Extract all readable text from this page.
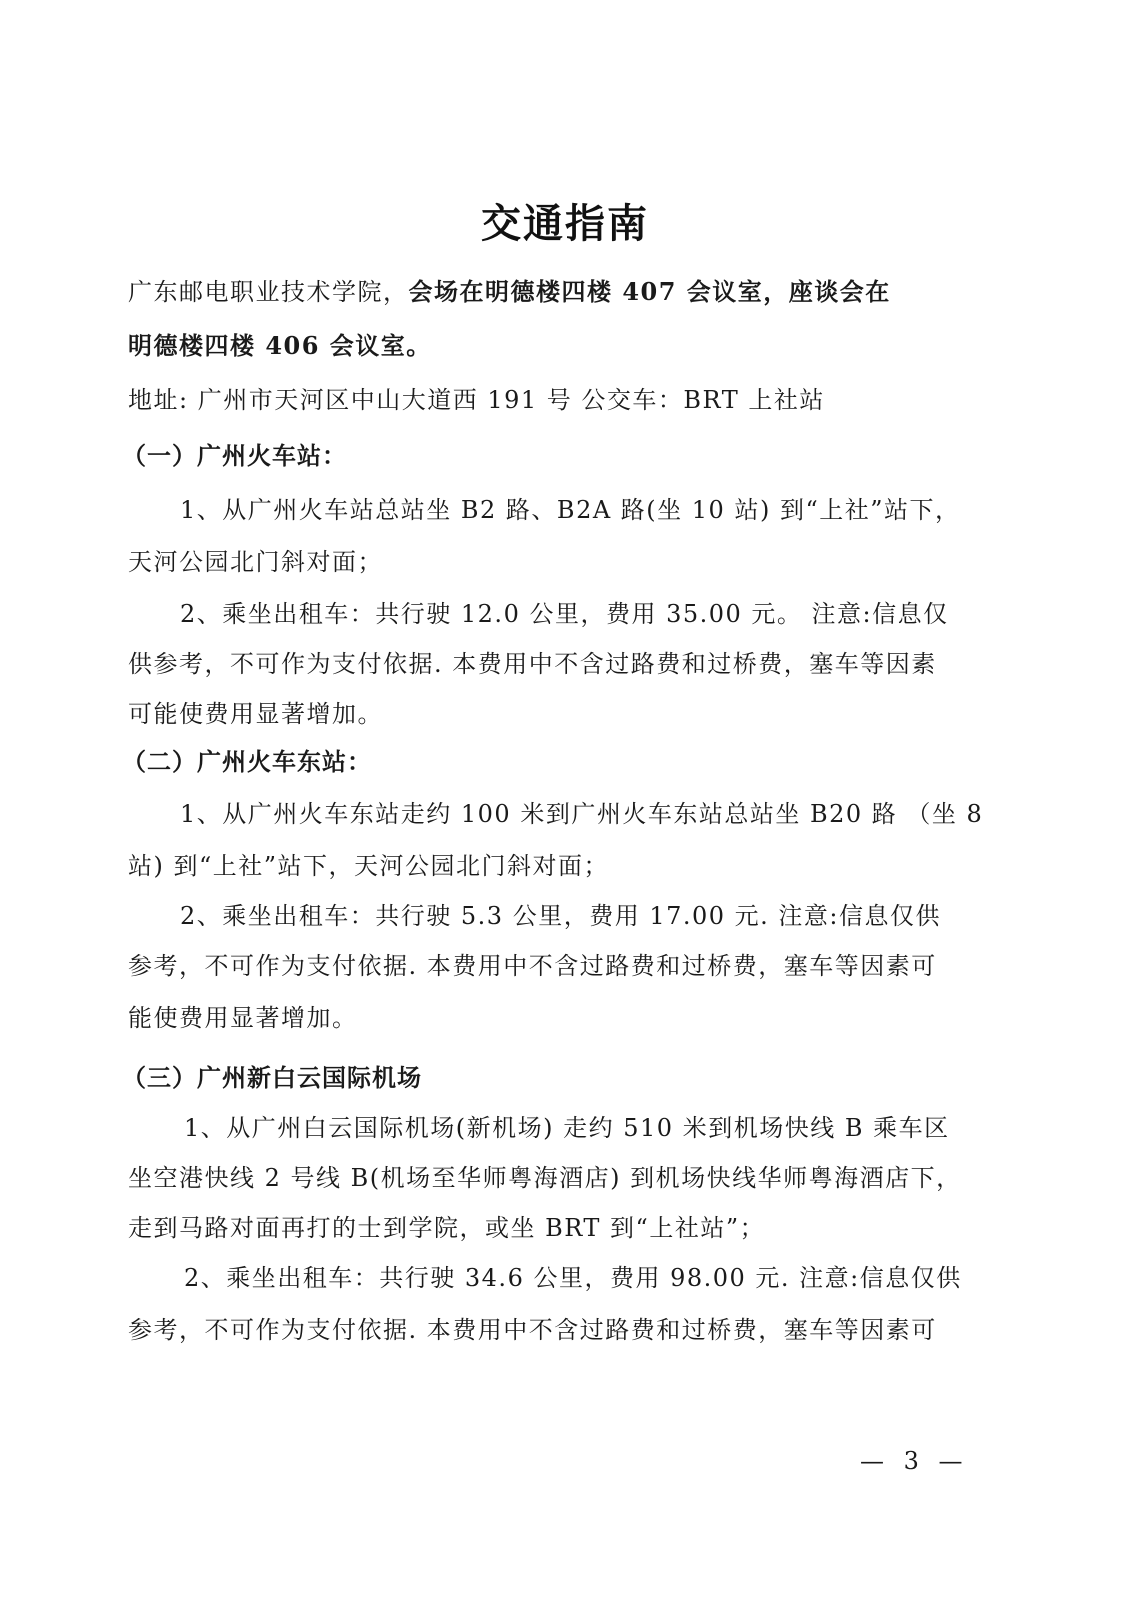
交通指南
广东邮电职业技术学院，会场在明德楼四楼 407 会议室，座谈会在
明德楼四楼 406 会议室。
地址: 广州市天河区中山大道西 191 号 公交车：BRT 上社站
（一）广州火车站：
1、从广州火车站总站坐 B2 路、B2A 路(坐 10 站) 到“上社”站下，
天河公园北门斜对面；
2、乘坐出租车：共行驶 12.0 公里，费用 35.00 元。 注意:信息仅
供参考，不可作为支付依据. 本费用中不含过路费和过桥费，塞车等因素
可能使费用显著增加。
（二）广州火车东站：
1、从广州火车东站走约 100 米到广州火车东站总站坐 B20 路 （坐 8
站) 到“上社”站下，天河公园北门斜对面；
2、乘坐出租车：共行驶 5.3 公里，费用 17.00 元. 注意:信息仅供
参考，不可作为支付依据. 本费用中不含过路费和过桥费，塞车等因素可
能使费用显著增加。
（三）广州新白云国际机场
1、从广州白云国际机场(新机场) 走约 510 米到机场快线 B 乘车区
坐空港快线 2 号线 B(机场至华师粤海酒店) 到机场快线华师粤海酒店下，
走到马路对面再打的士到学院，或坐 BRT 到“上社站”；
2、乘坐出租车：共行驶 34.6 公里，费用 98.00 元. 注意:信息仅供
参考，不可作为支付依据. 本费用中不含过路费和过桥费，塞车等因素可
— 3 —
